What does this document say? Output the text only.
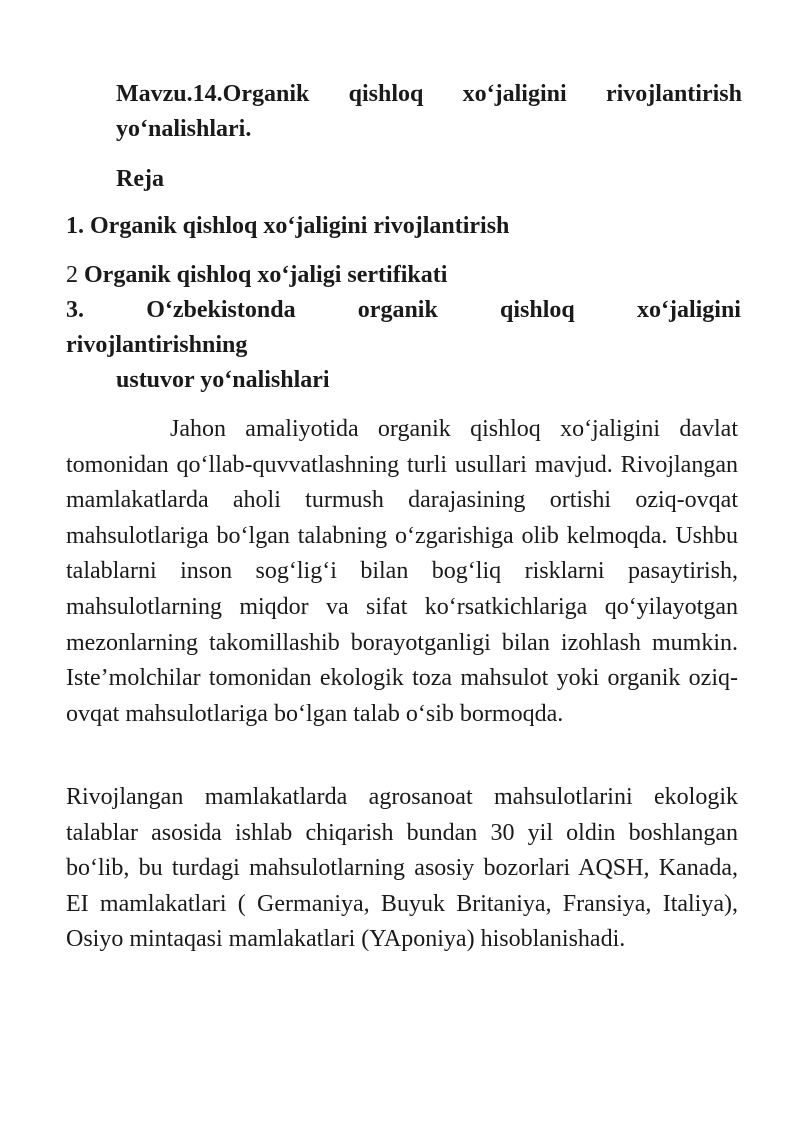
Mavzu.14.Organik qishloq xo‘jaligini rivojlantirish

yo‘nalishlari.

Reja

1. Organik qishloq xo‘jaligini rivojlantirish

2 Organik qishloq xo‘jaligi sertifikati

3.	O‘zbekistonda	organik	qishloq	xo‘jaligini

rivojlantirishning

ustuvor yo‘nalishlari

Jahon amaliyotida organik qishloq xo‘jaligini davlat tomonidan qo‘llab-quvvatlashning turli usullari mavjud. Rivojlangan mamlakatlarda aholi turmush darajasining ortishi oziq-ovqat mahsulotlariga bo‘lgan talabning o‘zgarishiga olib kelmoqda. Ushbu talablarni inson sog‘lig‘i bilan bog‘liq risklarni pasaytirish, mahsulotlarning miqdor va sifat ko‘rsatkichlariga qo‘yilayotgan mezonlarning takomillashib borayotganligi bilan izohlash mumkin. Iste’molchilar tomonidan ekologik toza mahsulot yoki organik oziq-ovqat mahsulotlariga bo‘lgan talab o‘sib bormoqda.

Rivojlangan mamlakatlarda agrosanoat mahsulotlarini ekologik talablar asosida ishlab chiqarish bundan 30 yil oldin boshlangan bo‘lib, bu turdagi mahsulotlarning asosiy bozorlari AQSH, Kanada, EI mamlakatlari ( Germaniya, Buyuk Britaniya, Fransiya, Italiya), Osiyo mintaqasi mamlakatlari (YAponiya) hisoblanishadi.
